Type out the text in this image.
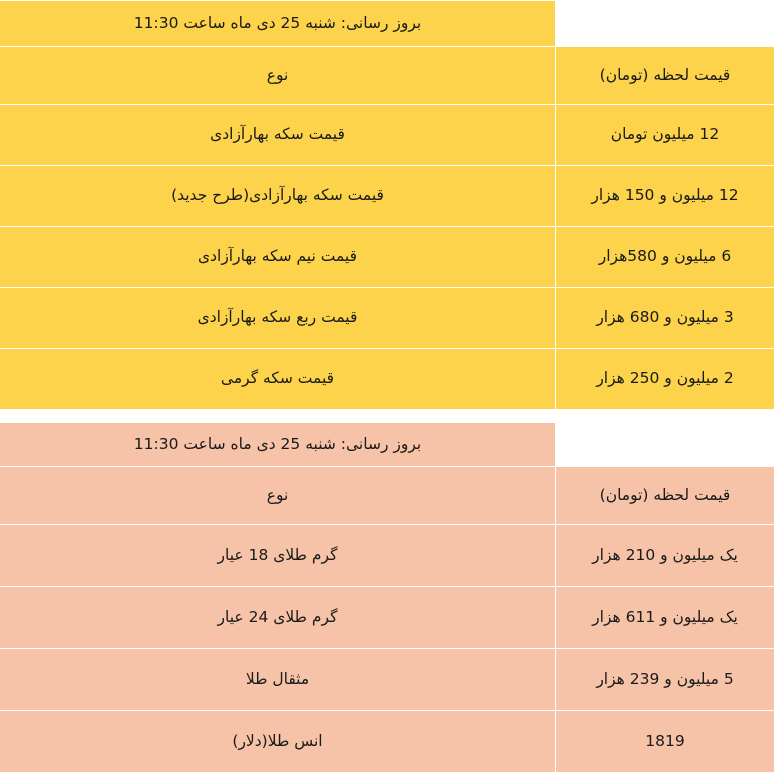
	بروز رسانی: شنبه 25 دی ماه ساعت 11:30
قیمت لحظه (تومان)	نوع
12 میلیون تومان	قیمت سکه بهارآزادی
12 میلیون و 150 هزار	قیمت سکه بهارآزادی(طرح جدید)
6 میلیون و 580هزار	قیمت نیم سکه بهارآزادی
3 میلیون و 680 هزار	قیمت ربع سکه بهارآزادی
2 میلیون و 250 هزار	قیمت سکه گرمی
	بروز رسانی: شنبه 25 دی ماه ساعت 11:30
قیمت لحظه (تومان)	نوع
یک میلیون و 210 هزار	گرم طلای 18 عیار
یک میلیون و 611 هزار	گرم طلای 24 عیار
5 میلیون و 239 هزار	مثقال طلا
1819	انس طلا(دلار)
